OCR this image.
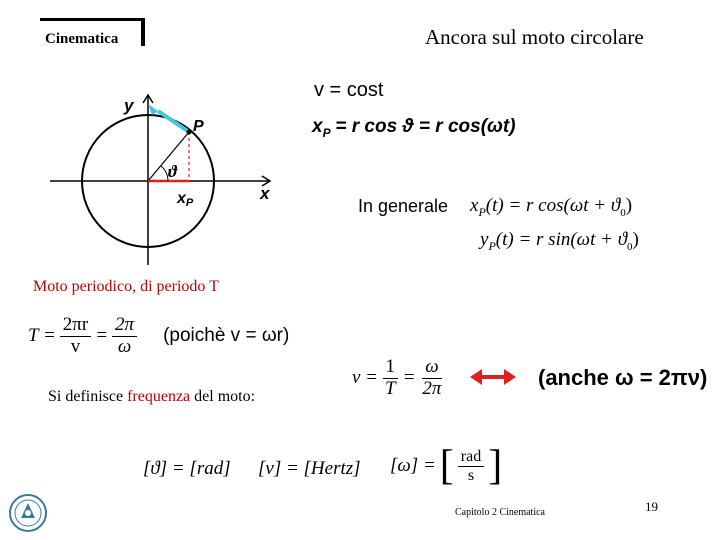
Cinematica	Ancora sul moto circolare
y
x
P
ϑ
xP
v = cost
$x_P = r$ cos ϑ = r cos(ωt)
In generale $x_P(t) = r$ $\cos(\omega t + ϑ_0)$
$y_P(t) = r$ $\sin(\omega t + ϑ_0)$
Moto periodico, di periodo T
$T = \frac{2\pi r}{v} = \frac{2\pi}{\omega}$ (poichè v = ωr)
Si definisce frequenza del moto:
$\nu = \frac{1}{T} = \frac{\omega}{2\pi}$	(anche ω = 2πν)
[ϑ] = [rad] [ν] = [Hertz] [ω] = [ $\frac{\text{rad}}{s}$ ]
Capitolo 2 Cinematica	19
